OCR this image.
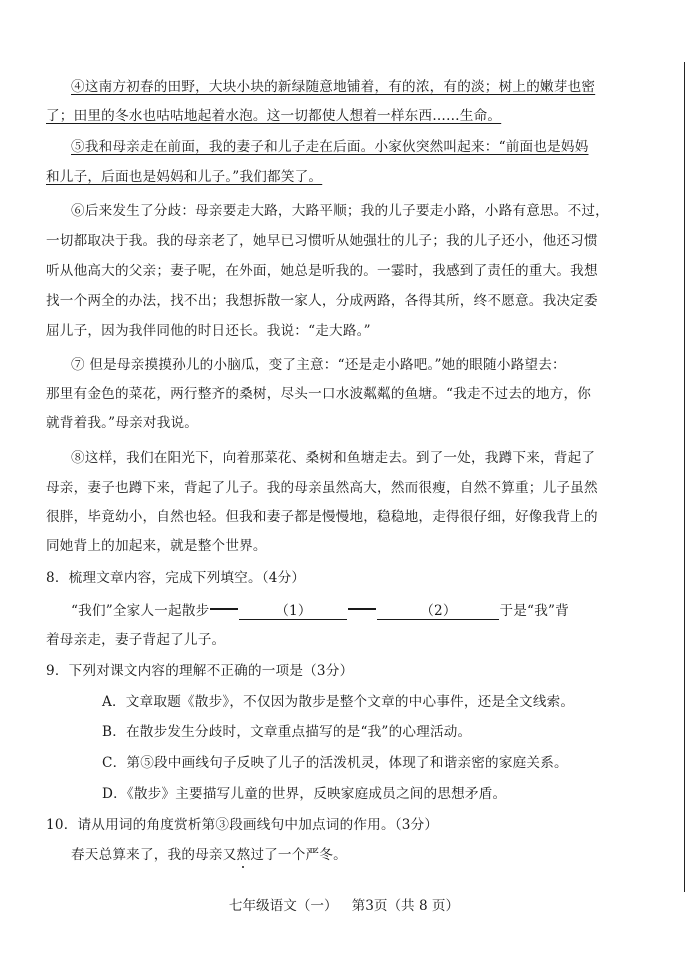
④这南方初春的田野，大块小块的新绿随意地铺着，有的浓，有的淡；树上的嫩芽也密
了；田里的冬水也咕咕地起着水泡。这一切都使人想着一样东西……生命。
⑤我和母亲走在前面，我的妻子和儿子走在后面。小家伙突然叫起来：“前面也是妈妈
和儿子，后面也是妈妈和儿子。”我们都笑了。
⑥后来发生了分歧：母亲要走大路，大路平顺；我的儿子要走小路，小路有意思。不过，
一切都取决于我。我的母亲老了，她早已习惯听从她强壮的儿子；我的儿子还小，他还习惯
听从他高大的父亲；妻子呢，在外面，她总是听我的。一霎时，我感到了责任的重大。我想
找一个两全的办法，找不出；我想拆散一家人，分成两路，各得其所，终不愿意。我决定委
屈儿子，因为我伴同他的时日还长。我说：“走大路。”
⑦ 但是母亲摸摸孙儿的小脑瓜，变了主意：“还是走小路吧。”她的眼随小路望去：
那里有金色的菜花，两行整齐的桑树，尽头一口水波粼粼的鱼塘。“我走不过去的地方，你
就背着我。”母亲对我说。
⑧这样，我们在阳光下，向着那菜花、桑树和鱼塘走去。到了一处，我蹲下来，背起了
母亲，妻子也蹲下来，背起了儿子。我的母亲虽然高大，然而很瘦，自然不算重；儿子虽然
很胖，毕竟幼小，自然也轻。但我和妻子都是慢慢地，稳稳地，走得很仔细，好像我背上的
同她背上的加起来，就是整个世界。
8．梳理文章内容，完成下列填空。（4分）
“我们”全家人一起散步	（1）	（2）	于是“我”背
着母亲走，妻子背起了儿子。
9．下列对课文内容的理解不正确的一项是（3分）
A．文章取题《散步》，不仅因为散步是整个文章的中心事件，还是全文线索。
B．在散步发生分歧时，文章重点描写的是“我”的心理活动。
C．第⑤段中画线句子反映了儿子的活泼机灵，体现了和谐亲密的家庭关系。
D．《散步》主要描写儿童的世界，反映家庭成员之间的思想矛盾。
10．请从用词的角度赏析第③段画线句中加点词的作用。（3分）
春天总算来了，我的母亲又熬过了一个严冬。
七年级语文（一） 第3页（共 8 页）
